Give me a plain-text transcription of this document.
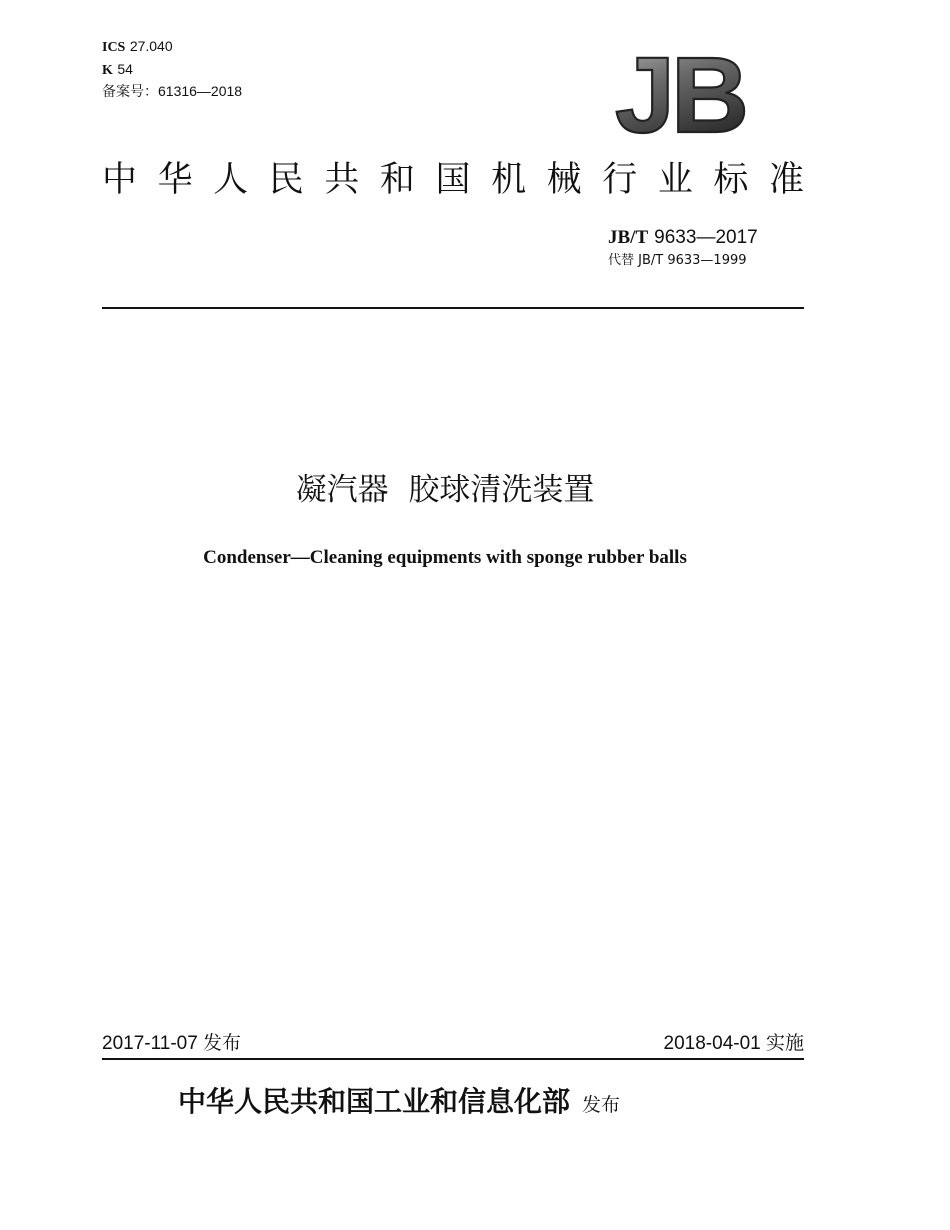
ICS 27.040
K 54
备案号：61316—2018	JB
中华人民共和国机械行业标准
JB/T 9633—2017
代替 JB/T 9633—1999
凝汽器  胶球清洗装置
Condenser—Cleaning equipments with sponge rubber balls
2017-11-07 发布	2018-04-01 实施
中华人民共和国工业和信息化部 发布
